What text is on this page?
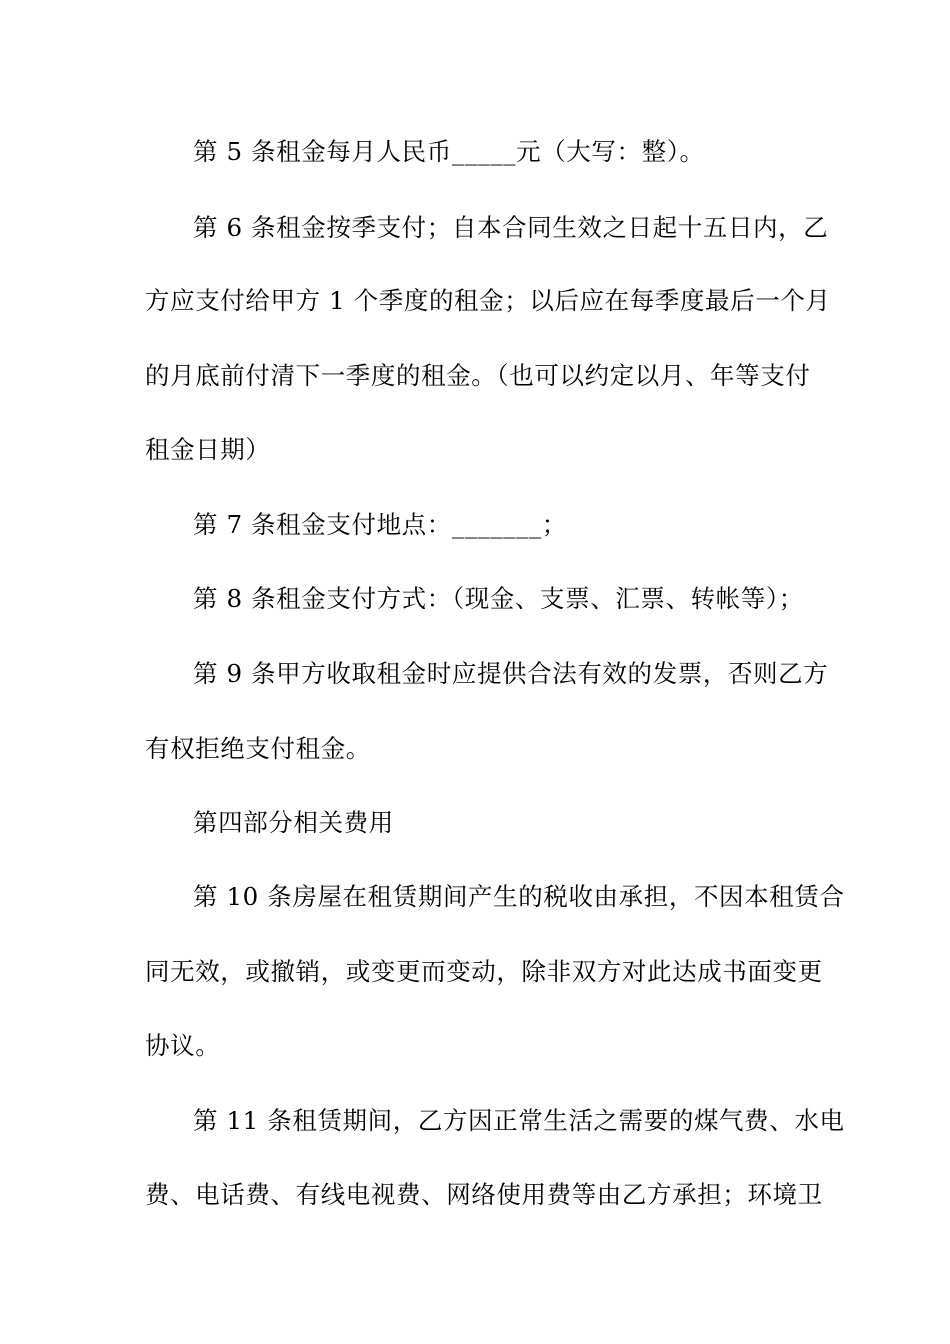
第 5 条租金每月人民币_____元（大写：整）。
第 6 条租金按季支付；自本合同生效之日起十五日内，乙
方应支付给甲方 1 个季度的租金；以后应在每季度最后一个月
的月底前付清下一季度的租金。（也可以约定以月、年等支付
租金日期）
第 7 条租金支付地点：_______；
第 8 条租金支付方式：（现金、支票、汇票、转帐等）；
第 9 条甲方收取租金时应提供合法有效的发票，否则乙方
有权拒绝支付租金。
第四部分相关费用
第 10 条房屋在租赁期间产生的税收由承担，不因本租赁合
同无效，或撤销，或变更而变动，除非双方对此达成书面变更
协议。
第 11 条租赁期间，乙方因正常生活之需要的煤气费、水电
费、电话费、有线电视费、网络使用费等由乙方承担；环境卫
